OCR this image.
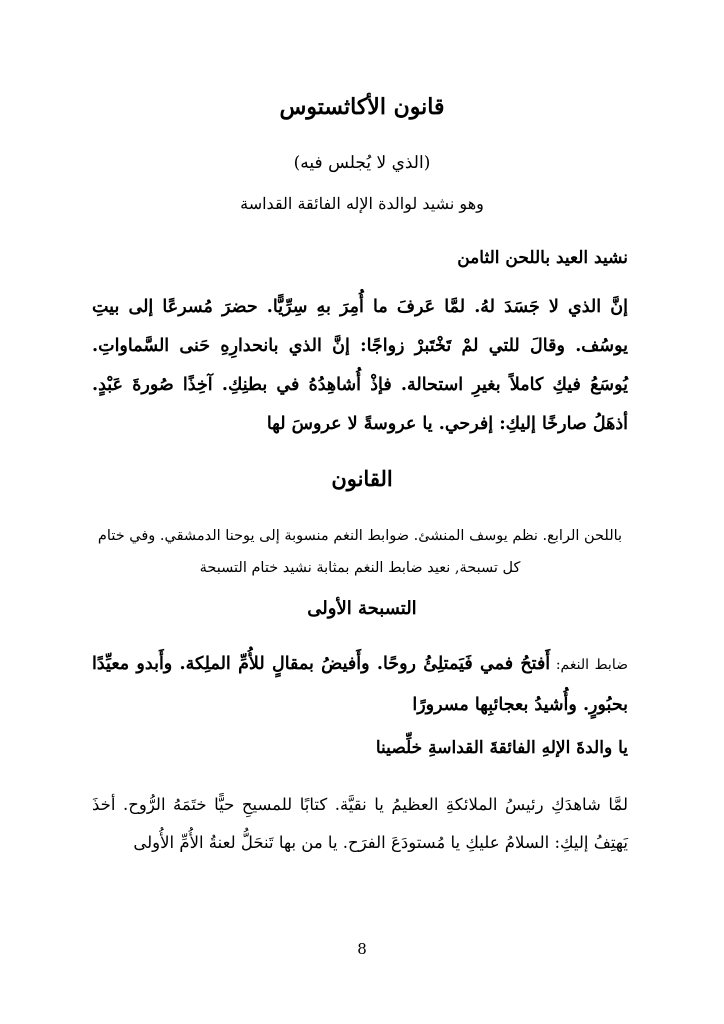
قانون الأكاثستوس

(الذي لا يُجلس فيه)

وهو نشيد لوالدة الإله الفائقة القداسة

نشيد العيد باللحن الثامن

إنَّ الذي لا جَسَدَ لهُ. لمَّا عَرفَ ما أُمِرَ بهِ سِرِّيًّا. حضرَ مُسرعًا إلى بيتِ يوسُف. وقالَ للتي لمْ تَخْتَبرْ زواجًا: إنَّ الذي بانحدارِهِ حَنى السَّماواتِ. يُوسَعُ فيكِ كاملاً بغيرِ استحالة. فإذْ أُشاهِدُهُ في بطنِكِ. آخِذًا صُورةَ عَبْدٍ. أذهَلُ صارخًا إليكِ: إفرحي. يا عروسةً لا عروسَ لها

القانون

باللحن الرابع. نظم يوسف المنشئ. ضوابط النغم منسوبة إلى يوحنا الدمشقي. وفي ختام كل تسبحة, نعيد ضابط النغم بمثابة نشيد ختام التسبحة

التسبحة الأولى

ضابط النغم: أَفتحُ فمي فَيَمتلِئُ روحًا. وأَفيضُ بمقالٍ للأُمِّ الملِكة. وأَبدو معيِّدًا بحبُورٍ. وأُشيدُ بعجائبِها مسرورًا

يا والدةَ الإلهِ الفائقةَ القداسةِ خلِّصينا

لمَّا شاهدَكِ رئيسُ الملائكةِ العظيمُ يا نقيَّة. كتابًا للمسيحِ حيًّا ختَمَهُ الرُّوح. أخذَ يَهتِفُ إليكِ: السلامُ عليكِ يا مُستودَعَ الفرَح. يا من بها تَنحَلُّ لعنةُ الأُمِّ الأُولى

8
